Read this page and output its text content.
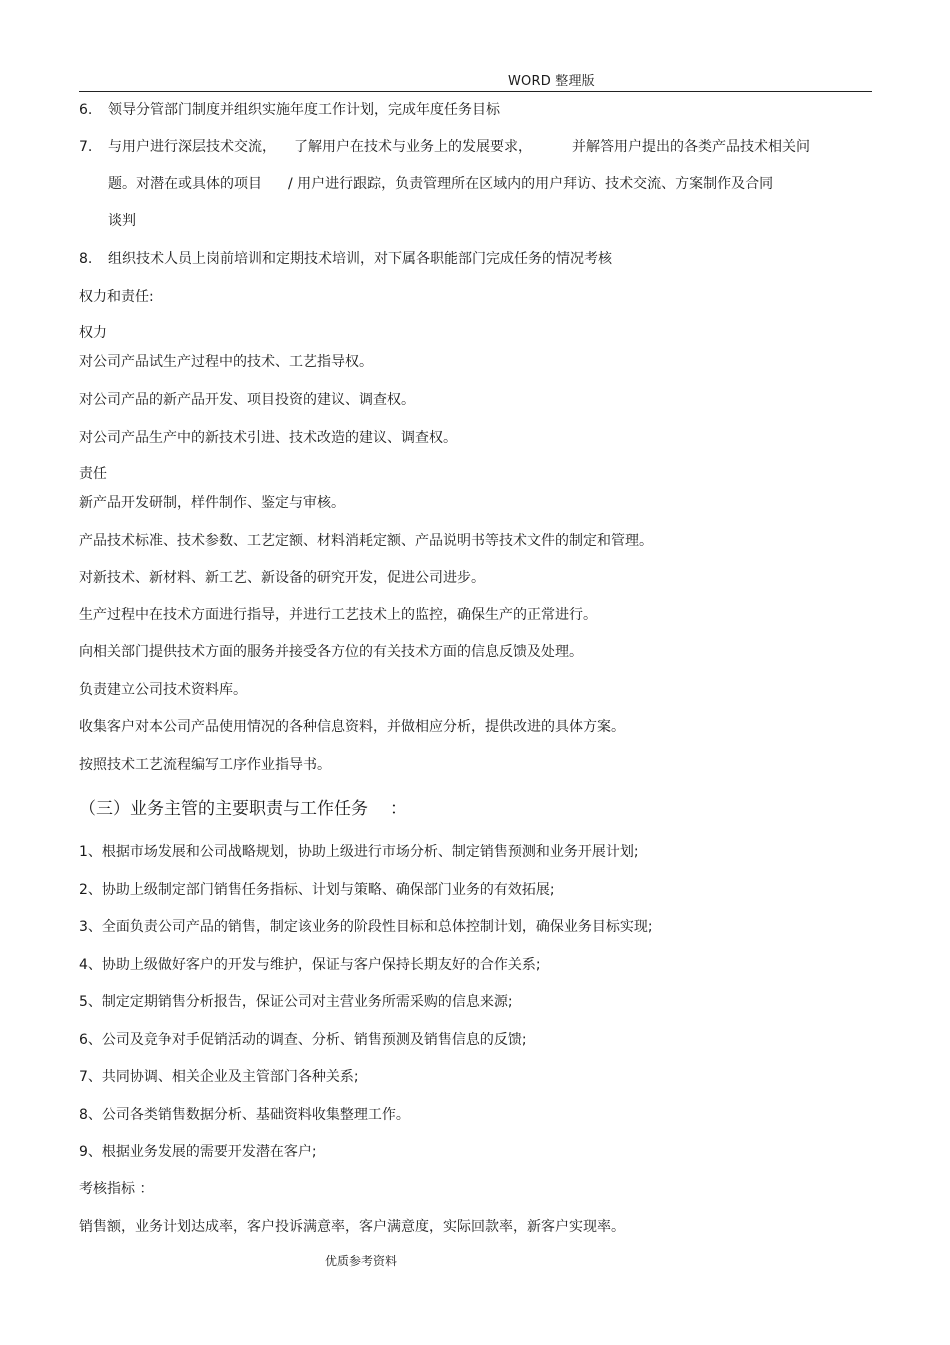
WORD 整理版
6. 领导分管部门制度并组织实施年度工作计划，完成年度任务目标
7. 与用户进行深层技术交流， 了解用户在技术与业务上的发展要求，	并解答用户提出的各类产品技术相关问
题。对潜在或具体的项目 / 用户进行跟踪，负责管理所在区域内的用户拜访、技术交流、方案制作及合同
谈判
8. 组织技术人员上岗前培训和定期技术培训，对下属各职能部门完成任务的情况考核
权力和责任:
权力
对公司产品试生产过程中的技术、工艺指导权。
对公司产品的新产品开发、项目投资的建议、调查权。
对公司产品生产中的新技术引进、技术改造的建议、调查权。
责任
新产品开发研制，样件制作、鉴定与审核。
产品技术标准、技术参数、工艺定额、材料消耗定额、产品说明书等技术文件的制定和管理。
对新技术、新材料、新工艺、新设备的研究开发，促进公司进步。
生产过程中在技术方面进行指导，并进行工艺技术上的监控，确保生产的正常进行。
向相关部门提供技术方面的服务并接受各方位的有关技术方面的信息反馈及处理。
负责建立公司技术资料库。
收集客户对本公司产品使用情况的各种信息资料，并做相应分析，提供改进的具体方案。
按照技术工艺流程编写工序作业指导书。
（三）业务主管的主要职责与工作任务 ：
1、根据市场发展和公司战略规划，协助上级进行市场分析、制定销售预测和业务开展计划;
2、协助上级制定部门销售任务指标、计划与策略、确保部门业务的有效拓展;
3、全面负责公司产品的销售，制定该业务的阶段性目标和总体控制计划，确保业务目标实现;
4、协助上级做好客户的开发与维护，保证与客户保持长期友好的合作关系;
5、制定定期销售分析报告，保证公司对主营业务所需采购的信息来源;
6、公司及竞争对手促销活动的调查、分析、销售预测及销售信息的反馈;
7、共同协调、相关企业及主管部门各种关系;
8、公司各类销售数据分析、基础资料收集整理工作。
9、根据业务发展的需要开发潜在客户;
考核指标 ：
销售额，业务计划达成率，客户投诉满意率，客户满意度，实际回款率，新客户实现率。
优质参考资料
